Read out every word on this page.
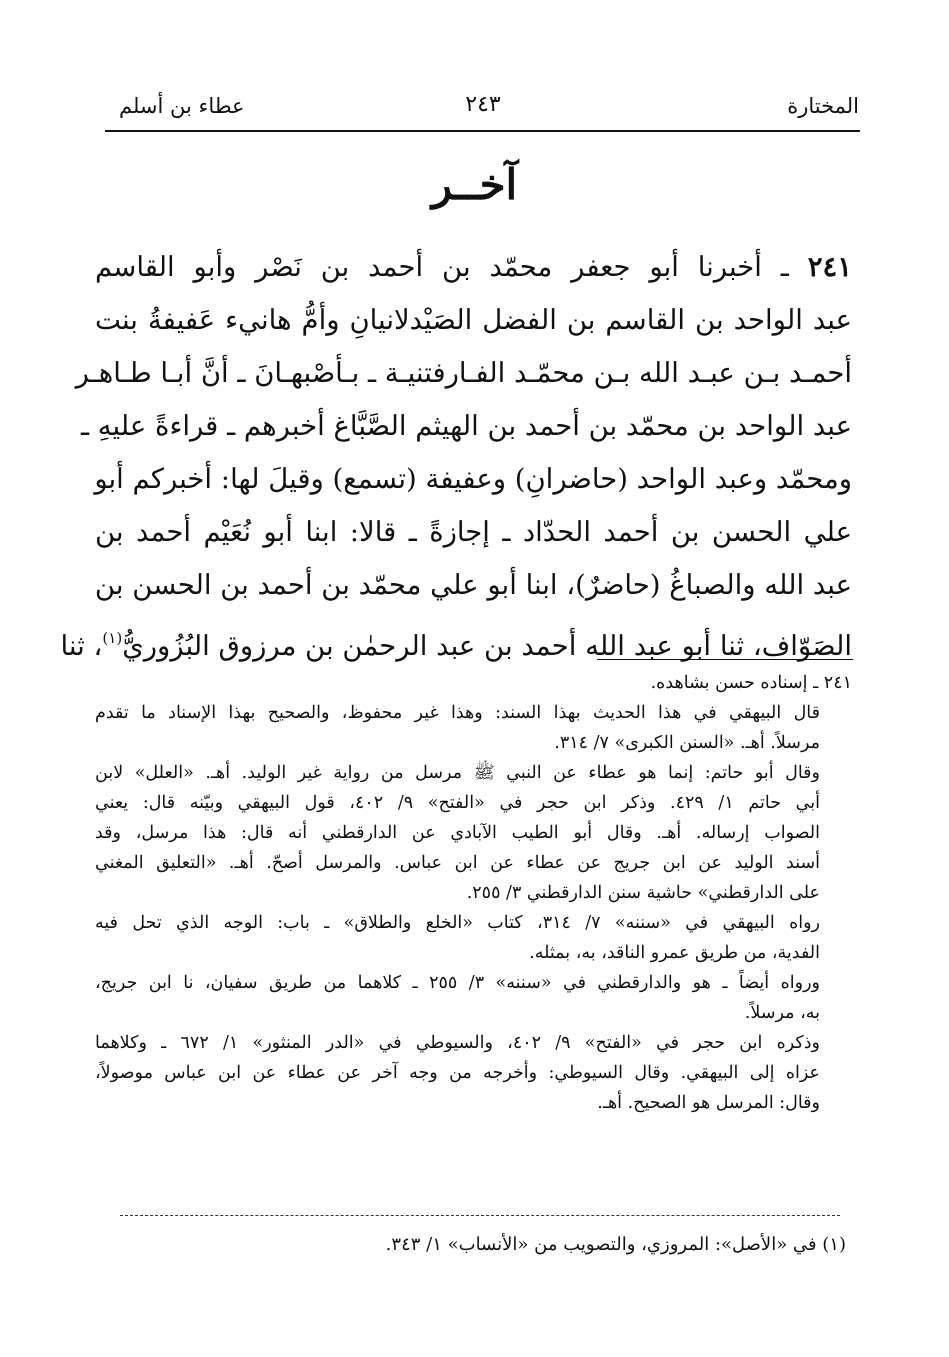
المختارة
٢٤٣
عطاء بن أسلم
آخــر
٢٤١ ـ أخبرنا أبو جعفر محمّد بن أحمد بن نَصْر وأبو القاسم
عبد الواحد بن القاسم بن الفضل الصَيْدلانيانِ وأمُّ هانيء عَفيفةُ بنت
أحمـد بـن عبـد الله بـن محمّـد الفـارفتنيـة ـ بـأصْبهـانَ ـ أنَّ أبـا طـاهـر
عبد الواحد بن محمّد بن أحمد بن الهيثم الصَّبَّاغ أخبرهم ـ قراءةً عليهِ ـ
ومحمّد وعبد الواحد (حاضرانِ) وعفيفة (تسمع) وقيلَ لها: أخبركم أبو
علي الحسن بن أحمد الحدّاد ـ إجازةً ـ قالا: ابنا أبو نُعَيْم أحمد بن
عبد الله والصباغُ (حاضرٌ)، ابنا أبو علي محمّد بن أحمد بن الحسن بن
الصَوّاف، ثنا أبو عبد الله أحمد بن عبد الرحمٰن بن مرزوق البُزُوريُّ$^{(١)}$، ثنا
٢٤١ ـ إسناده حسن بشاهده.
قال البيهقي في هذا الحديث بهذا السند: وهذا غير محفوظ، والصحيح بهذا الإسناد ما تقدم
مرسلاً. أهـ. «السنن الكبرى» ٧/ ٣١٤.
وقال أبو حاتم: إنما هو عطاء عن النبي ﷺ مرسل من رواية غير الوليد. أهـ. «العلل» لابن
أبي حاتم ١/ ٤٢٩. وذكر ابن حجر في «الفتح» ٩/ ٤٠٢، قول البيهقي وبيّنه قال: يعني
الصواب إرساله. أهـ. وقال أبو الطيب الآبادي عن الدارقطني أنه قال: هذا مرسل، وقد
أسند الوليد عن ابن جريج عن عطاء عن ابن عباس. والمرسل أصحّ. أهـ. «التعليق المغني
على الدارقطني» حاشية سنن الدارقطني ٣/ ٢٥٥.
رواه البيهقي في «سننه» ٧/ ٣١٤، كتاب «الخلع والطلاق» ـ باب: الوجه الذي تحل فيه
الفدية، من طريق عمرو الناقد، به، بمثله.
ورواه أيضاً ـ هو والدارقطني في «سننه» ٣/ ٢٥٥ ـ كلاهما من طريق سفيان، نا ابن جريج،
به، مرسلاً.
وذكره ابن حجر في «الفتح» ٩/ ٤٠٢، والسيوطي في «الدر المنثور» ١/ ٦٧٢ ـ وكلاهما
عزاه إلى البيهقي. وقال السيوطي: وأخرجه من وجه آخر عن عطاء عن ابن عباس موصولاً،
وقال: المرسل هو الصحيح. أهـ.
(١) في «الأصل»: المروزي، والتصويب من «الأنساب» ١/ ٣٤٣.
